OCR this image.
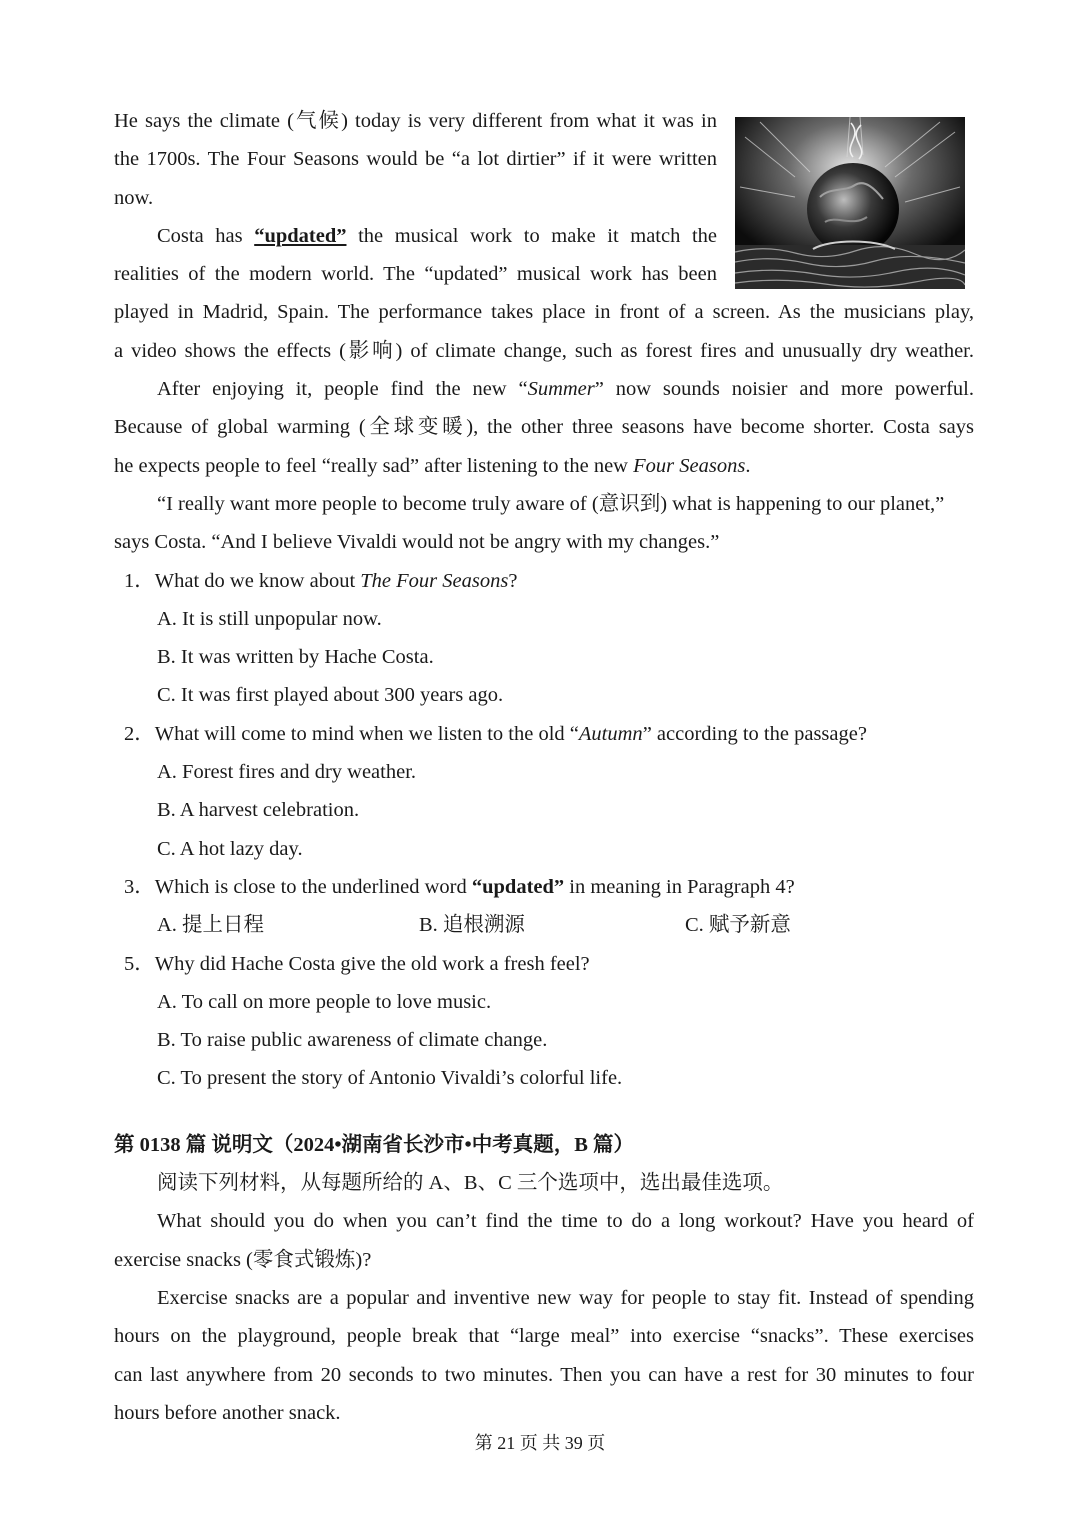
He says the climate (气候) today is very different from what it was in
the 1700s. The Four Seasons would be “a lot dirtier” if it were written
now.
Costa has “updated” the musical work to make it match the
realities of the modern world. The “updated” musical work has been
played in Madrid, Spain. The performance takes place in front of a screen. As the musicians play,
a video shows the effects (影响) of climate change, such as forest fires and unusually dry weather.
After enjoying it, people find the new “Summer” now sounds noisier and more powerful.
Because of global warming (全球变暖), the other three seasons have become shorter. Costa says
he expects people to feel “really sad” after listening to the new Four Seasons.
“I really want more people to become truly aware of (意识到) what is happening to our planet,”
says Costa. “And I believe Vivaldi would not be angry with my changes.”
1．What do we know about The Four Seasons?
A. It is still unpopular now.
B. It was written by Hache Costa.
C. It was first played about 300 years ago.
2．What will come to mind when we listen to the old “Autumn” according to the passage?
A. Forest fires and dry weather.
B. A harvest celebration.
C. A hot lazy day.
3．Which is close to the underlined word “updated” in meaning in Paragraph 4?
A. 提上日程	B. 追根溯源	C. 赋予新意
5．Why did Hache Costa give the old work a fresh feel?
A. To call on more people to love music.
B. To raise public awareness of climate change.
C. To present the story of Antonio Vivaldi’s colorful life.
第 0138 篇 说明文（2024•湖南省长沙市•中考真题，B 篇）
阅读下列材料，从每题所给的 A、B、C 三个选项中，选出最佳选项。
What should you do when you can’t find the time to do a long workout? Have you heard of
exercise snacks (零食式锻炼)?
Exercise snacks are a popular and inventive new way for people to stay fit. Instead of spending
hours on the playground, people break that “large meal” into exercise “snacks”. These exercises
can last anywhere from 20 seconds to two minutes. Then you can have a rest for 30 minutes to four
hours before another snack.
第 21 页 共 39 页
